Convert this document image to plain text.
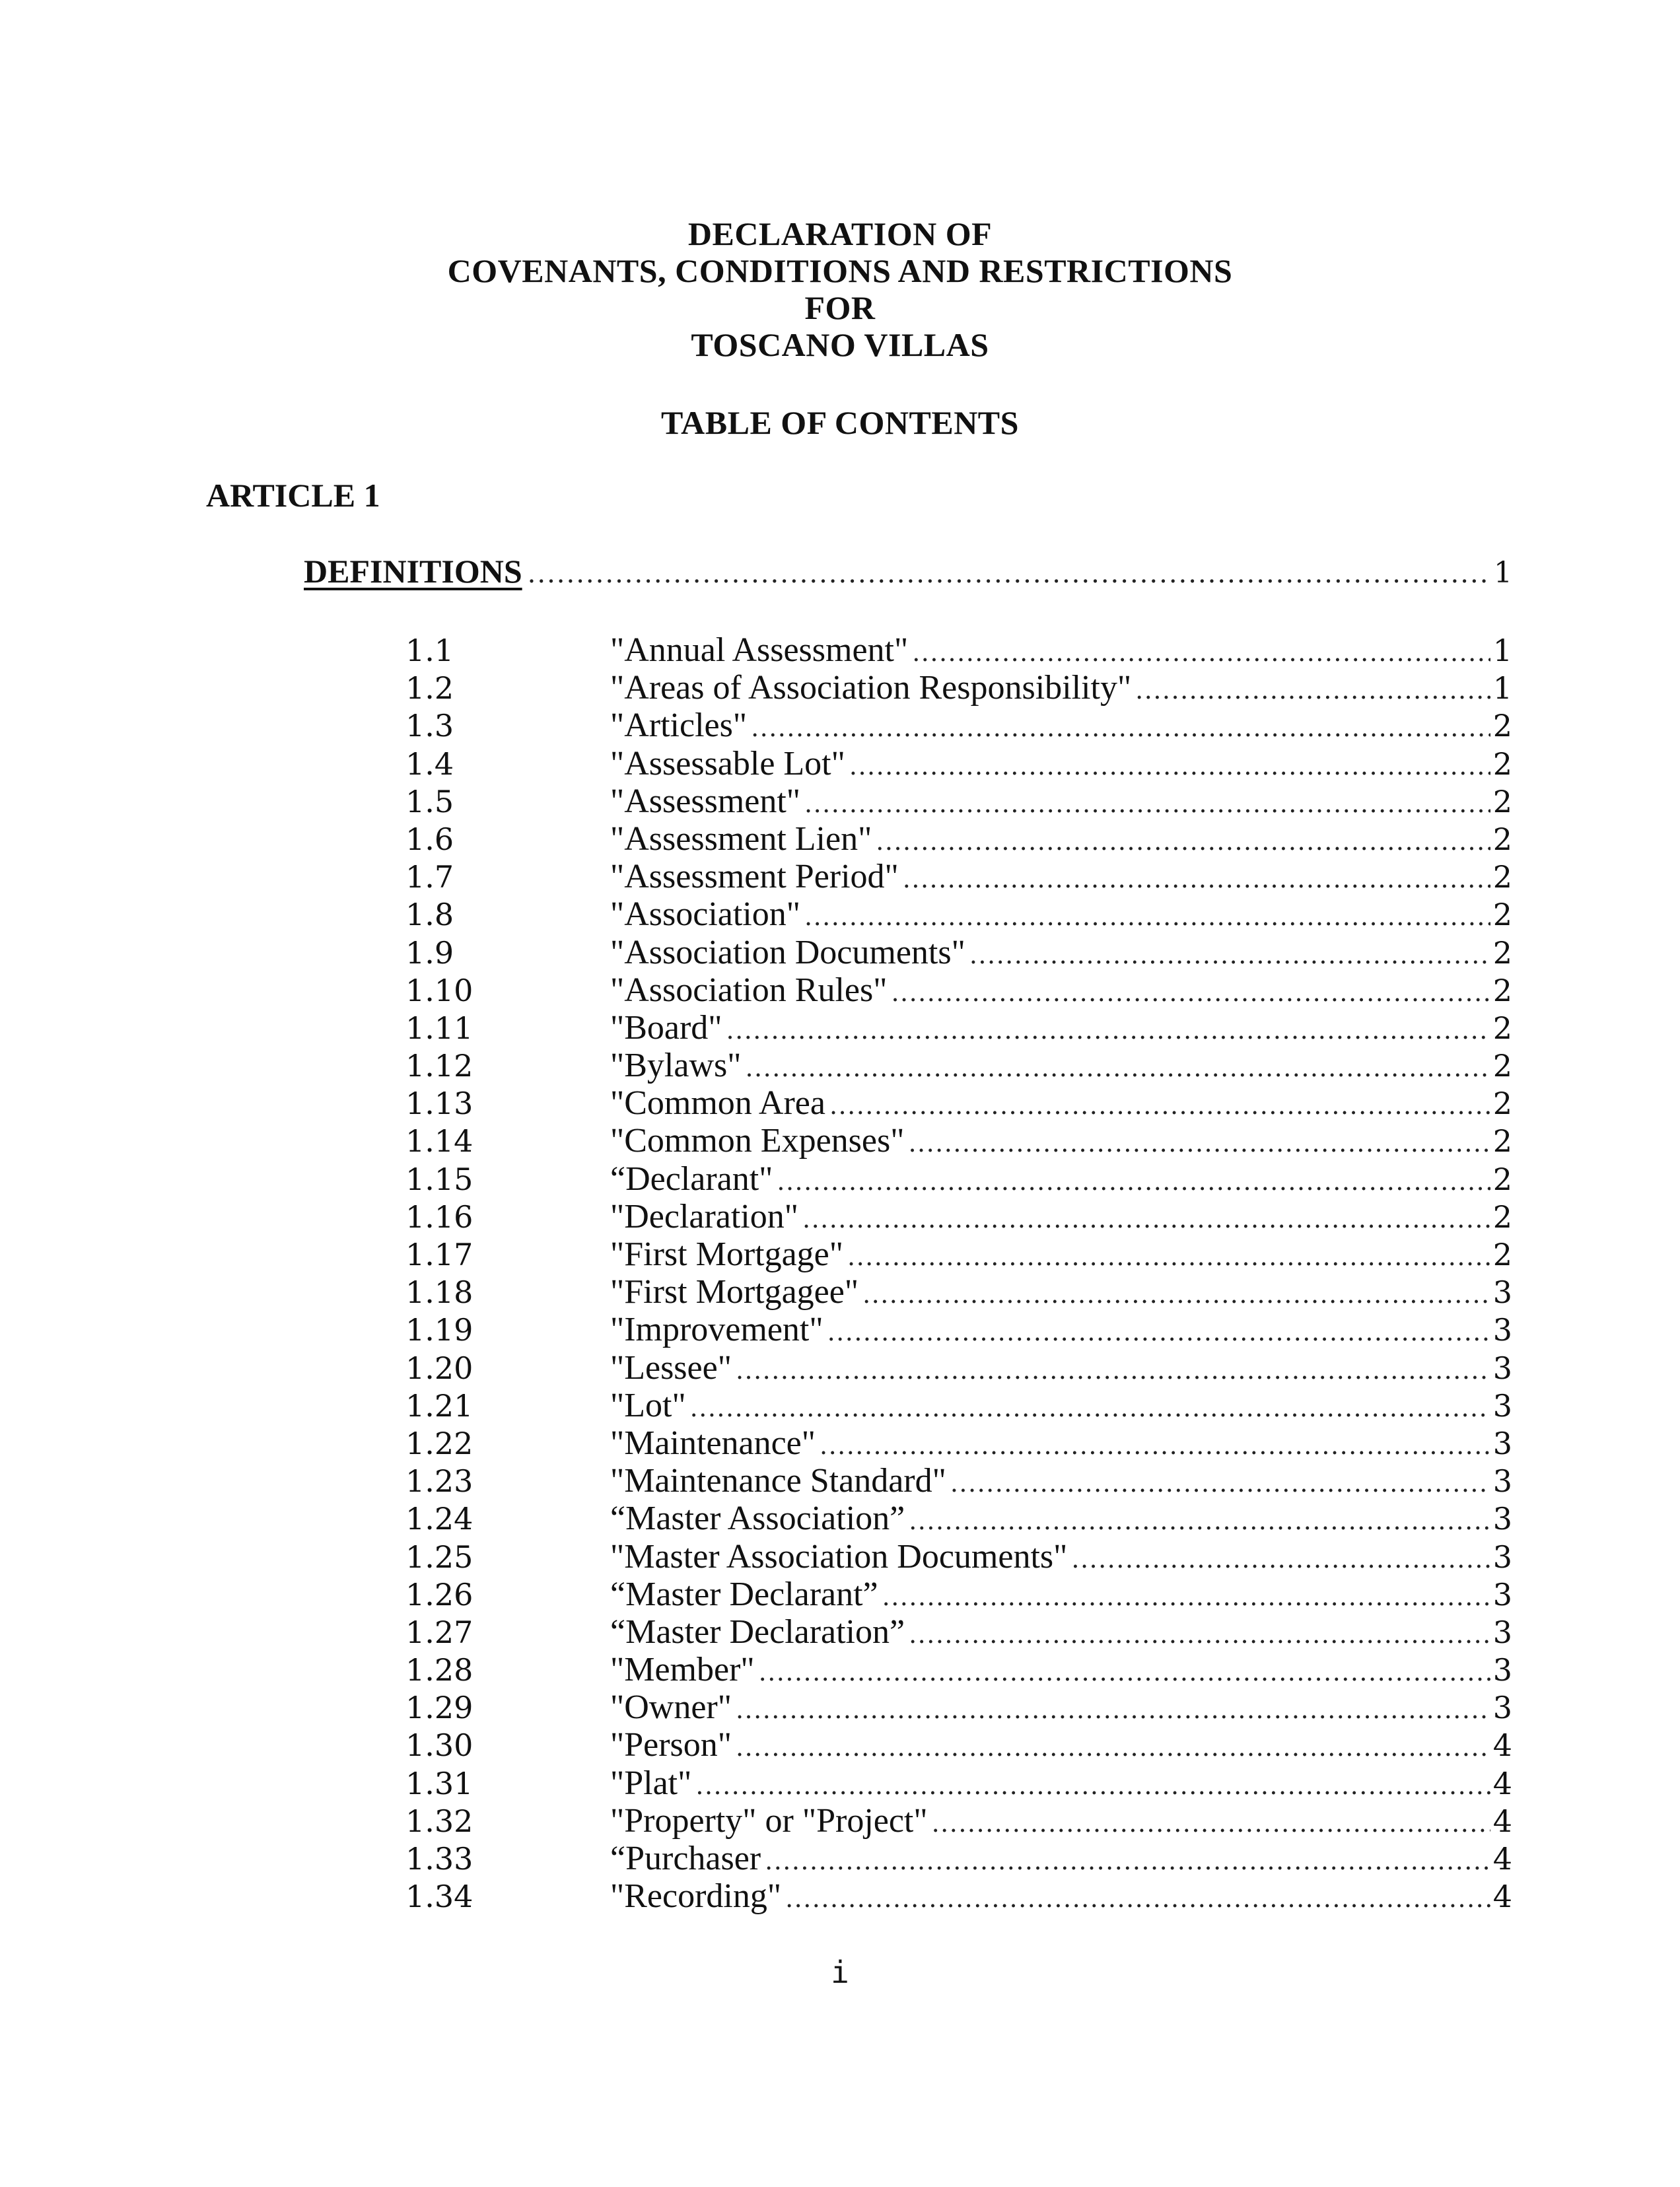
DECLARATION OF
COVENANTS, CONDITIONS AND RESTRICTIONS
FOR
TOSCANO VILLAS
TABLE OF CONTENTS
ARTICLE 1
DEFINITIONS .....	1
1.1	"Annual Assessment" .....	1
1.2	"Areas of Association Responsibility" .....	1
1.3	"Articles" .....	2
1.4	"Assessable Lot" .....	2
1.5	"Assessment" .....	2
1.6	"Assessment Lien" .....	2
1.7	"Assessment Period" .....	2
1.8	"Association" .....	2
1.9	"Association Documents" .....	2
1.10	"Association Rules" .....	2
1.11	"Board" .....	2
1.12	"Bylaws" .....	2
1.13	"Common Area .....	2
1.14	"Common Expenses" .....	2
1.15	“Declarant" .....	2
1.16	"Declaration" .....	2
1.17	"First Mortgage" .....	2
1.18	"First Mortgagee" .....	3
1.19	"Improvement" .....	3
1.20	"Lessee" .....	3
1.21	"Lot" .....	3
1.22	"Maintenance" .....	3
1.23	"Maintenance Standard" .....	3
1.24	“Master Association” .....	3
1.25	"Master Association Documents" .....	3
1.26	“Master Declarant” .....	3
1.27	“Master Declaration” .....	3
1.28	"Member" .....	3
1.29	"Owner" .....	3
1.30	"Person" .....	4
1.31	"Plat" .....	4
1.32	"Property" or "Project" .....	4
1.33	“Purchaser .....	4
1.34	"Recording" .....	4
i
